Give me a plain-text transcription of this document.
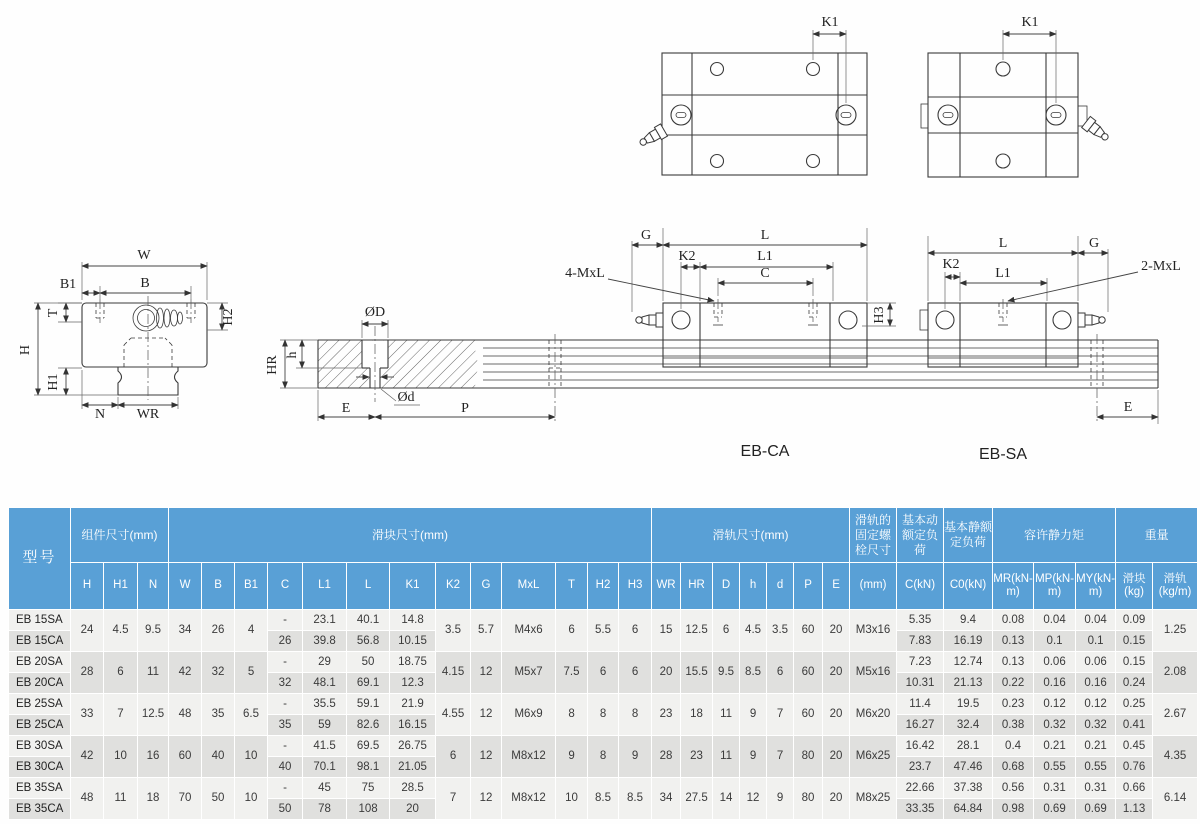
K1	K1
W
B
B1
T	H2
H
H1
N WR
ØD
HR
h
Ød
E	P
G	L
K2	L1
C
4-MxL
H3
EB-CA
L	G
K2
L1	2-MxL
E
EB-SA
型号	组件尺寸(mm)			滑块尺寸(mm)													滑轨尺寸(mm)							滑轨的固定螺栓尺寸	基本动额定负荷	基本静额定负荷	容许静力矩			重量	
	H	H1	N	W	B	B1	C	L1	L	K1	K2	G	MxL	T	H2	H3	WR	HR	D	h	d	P	E	(mm)	C(kN)	C0(kN)	MR(kN-m)	MP(kN-m)	MY(kN-m)	滑块(kg)	滑轨(kg/m)
EB 15SA	24	4.5	9.5	34	26	4	-	23.1	40.1	14.8	3.5	5.7	M4x6	6	5.5	6	15	12.5	6	4.5	3.5	60	20	M3x16	5.35	9.4	0.08	0.04	0.04	0.09	1.25
EB 15CA							26	39.8	56.8	10.15															7.83	16.19	0.13	0.1	0.1	0.15	
EB 20SA	28	6	11	42	32	5	-	29	50	18.75	4.15	12	M5x7	7.5	6	6	20	15.5	9.5	8.5	6	60	20	M5x16	7.23	12.74	0.13	0.06	0.06	0.15	2.08
EB 20CA							32	48.1	69.1	12.3															10.31	21.13	0.22	0.16	0.16	0.24	
EB 25SA	33	7	12.5	48	35	6.5	-	35.5	59.1	21.9	4.55	12	M6x9	8	8	8	23	18	11	9	7	60	20	M6x20	11.4	19.5	0.23	0.12	0.12	0.25	2.67
EB 25CA							35	59	82.6	16.15															16.27	32.4	0.38	0.32	0.32	0.41	
EB 30SA	42	10	16	60	40	10	-	41.5	69.5	26.75	6	12	M8x12	9	8	9	28	23	11	9	7	80	20	M6x25	16.42	28.1	0.4	0.21	0.21	0.45	4.35
EB 30CA							40	70.1	98.1	21.05															23.7	47.46	0.68	0.55	0.55	0.76	
EB 35SA	48	11	18	70	50	10	-	45	75	28.5	7	12	M8x12	10	8.5	8.5	34	27.5	14	12	9	80	20	M8x25	22.66	37.38	0.56	0.31	0.31	0.66	6.14
EB 35CA							50	78	108	20															33.35	64.84	0.98	0.69	0.69	1.13	
